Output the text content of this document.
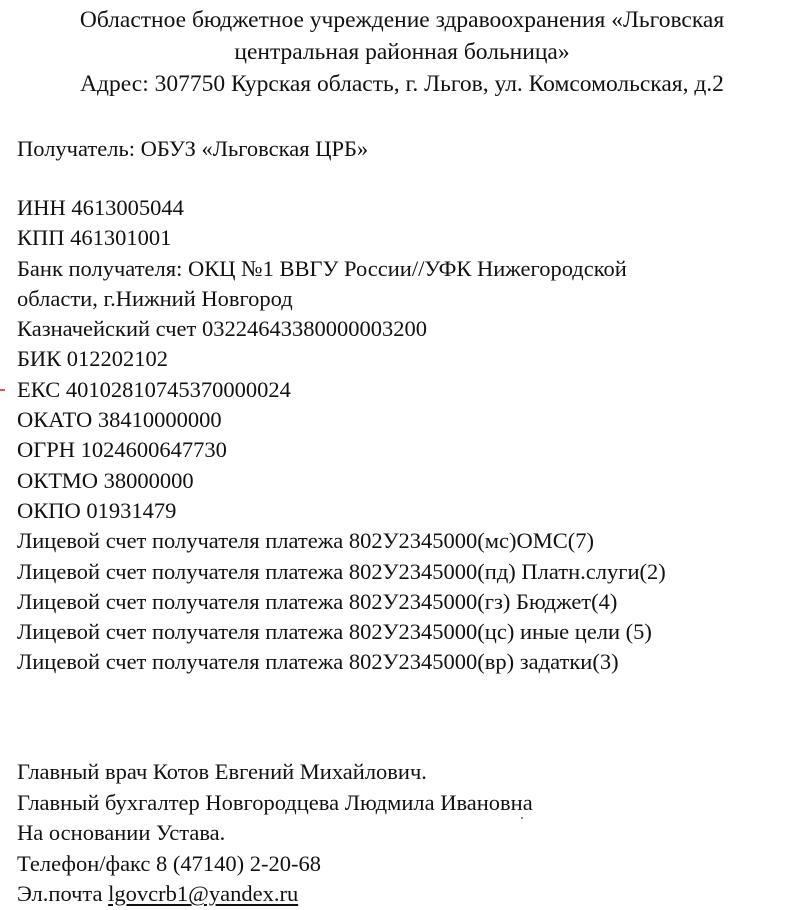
Областное бюджетное учреждение здравоохранения «Льговская
центральная районная больница»
Адрес: 307750 Курская область, г. Льгов, ул. Комсомольская, д.2
Получатель: ОБУЗ «Льговская ЦРБ»
ИНН 4613005044
КПП 461301001
Банк получателя: ОКЦ №1 ВВГУ России//УФК Нижегородской
области, г.Нижний Новгород
Казначейский счет 03224643380000003200
БИК 012202102
ЕКС 40102810745370000024
ОКАТО 38410000000
ОГРН 1024600647730
ОКТМО 38000000
ОКПО 01931479
Лицевой счет получателя платежа 802У2345000(мс)ОМС(7)
Лицевой счет получателя платежа 802У2345000(пд) Платн.слуги(2)
Лицевой счет получателя платежа 802У2345000(гз) Бюджет(4)
Лицевой счет получателя платежа 802У2345000(цс) иные цели (5)
Лицевой счет получателя платежа 802У2345000(вр) задатки(3)
Главный врач Котов Евгений Михайлович.
Главный бухгалтер Новгородцева Людмила Ивановна
На основании Устава.
Телефон/факс 8 (47140) 2-20-68
Эл.почта lgovcrb1@yandex.ru
